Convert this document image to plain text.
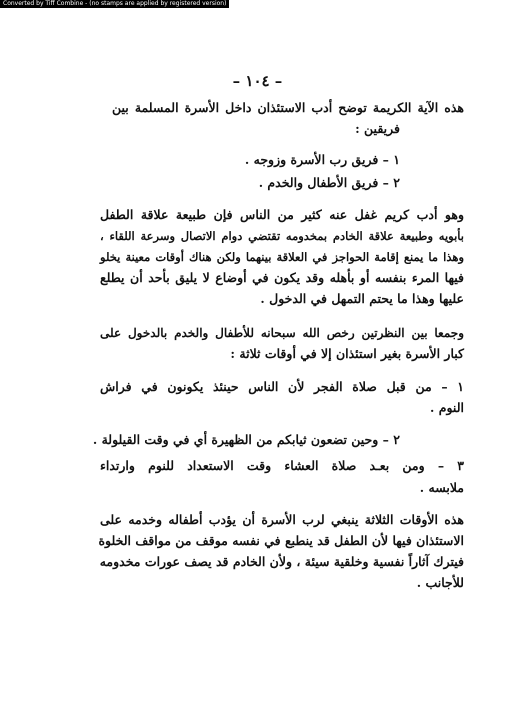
Converted by Tiff Combine - (no stamps are applied by registered version)
– ١٠٤ –
هذه الآية الكريمة توضح أدب الاستئذان داخل الأسرة المسلمة بين
فريقين :
١ – فريق رب الأسرة وزوجه .
٢ – فريق الأطفال والخدم .
وهو أدب كريم غفل عنه كثير من الناس فإن طبيعة علاقة الطفل
بأبويه وطبيعة علاقة الخادم بمخدومه تقتضي دوام الاتصال وسرعة اللقاء ،
وهذا ما يمنع إقامة الحواجز في العلاقة بينهما ولكن هناك أوقات معينة يخلو
فيها المرء بنفسه أو بأهله وقد يكون في أوضاع لا يليق بأحد أن يطلع
عليها وهذا ما يحتم التمهل في الدخول .
وجمعا بين النظرتين رخص الله سبحانه للأطفال والخدم بالدخول على
كبار الأسرة بغير استئذان إلا في أوقات ثلاثة :
١ – من قبل صلاة الفجر لأن الناس حينئذ يكونون في فراش
النوم .
٢ – وحين تضعون ثيابكم من الظهيرة أي في وقت القيلولة .
٣ – ومن بعـد صلاة العشاء وقت الاستعداد للنوم وارتداء
ملابسه .
هذه الأوقات الثلاثة ينبغي لرب الأسرة أن يؤدب أطفاله وخدمه على
الاستئذان فيها لأن الطفل قد ينطبع في نفسه موقف من مواقف الخلوة
فيترك آثاراً نفسية وخلقية سيئة ، ولأن الخادم قد يصف عورات مخدومه
للأجانب .
